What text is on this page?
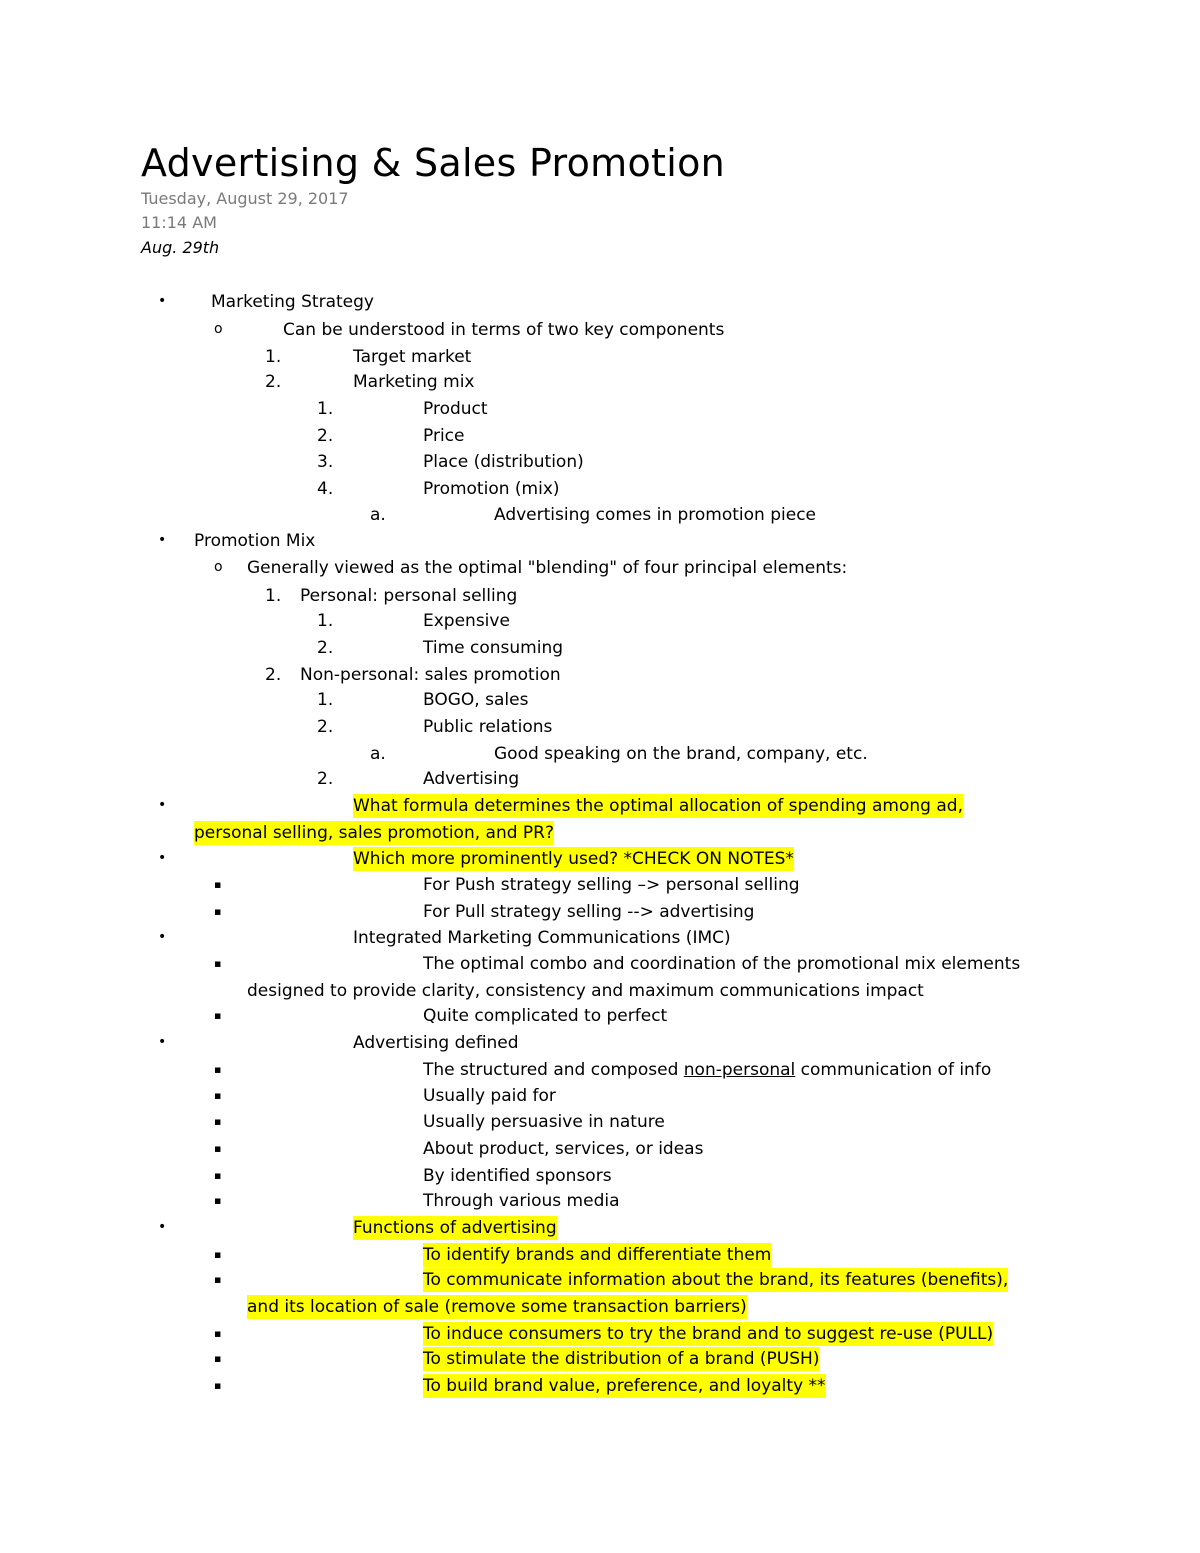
Advertising & Sales Promotion
Tuesday, August 29, 2017
11:14 AM
Aug. 29th
•	Marketing Strategy
o	Can be understood in terms of two key components
1.	Target market
2.	Marketing mix
1.	Product
2.	Price
3.	Place (distribution)
4.	Promotion (mix)
a.	Advertising comes in promotion piece
• Promotion Mix
o Generally viewed as the optimal "blending" of four principal elements:
1. Personal: personal selling
1.	Expensive
2.	Time consuming
2. Non-personal: sales promotion
1.	BOGO, sales
2.	Public relations
a.	Good speaking on the brand, company, etc.
2.	Advertising
•	What formula determines the optimal allocation of spending among ad,
personal selling, sales promotion, and PR?
•	Which more prominently used? *CHECK ON NOTES*
▪	For Push strategy selling –> personal selling
▪	For Pull strategy selling --> advertising
•	Integrated Marketing Communications (IMC)
▪	The optimal combo and coordination of the promotional mix elements
designed to provide clarity, consistency and maximum communications impact
▪	Quite complicated to perfect
•	Advertising defined
▪	The structured and composed non-personal communication of info
▪	Usually paid for
▪	Usually persuasive in nature
▪	About product, services, or ideas
▪	By identified sponsors
▪	Through various media
•	Functions of advertising
▪	To identify brands and differentiate them
▪	To communicate information about the brand, its features (benefits),
and its location of sale (remove some transaction barriers)
▪	To induce consumers to try the brand and to suggest re-use (PULL)
▪	To stimulate the distribution of a brand (PUSH)
▪	To build brand value, preference, and loyalty **
